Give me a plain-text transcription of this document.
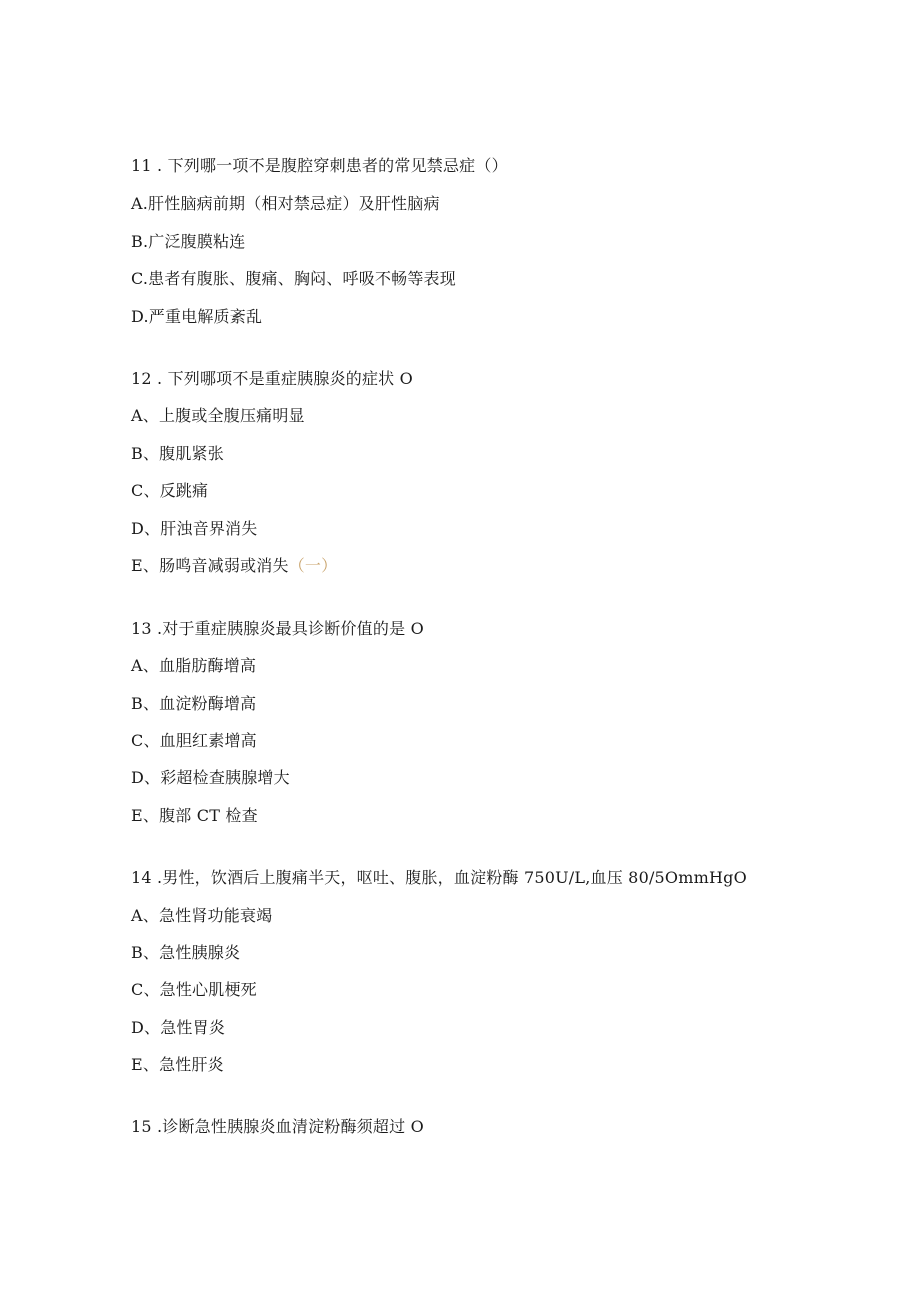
11 . 下列哪一项不是腹腔穿刺患者的常见禁忌症（）
A.肝性脑病前期（相对禁忌症）及肝性脑病
B.广泛腹膜粘连
C.患者有腹胀、腹痛、胸闷、呼吸不畅等表现
D.严重电解质紊乱
12 . 下列哪项不是重症胰腺炎的症状 O
A、上腹或全腹压痛明显
B、腹肌紧张
C、反跳痛
D、肝浊音界消失
E、肠鸣音减弱或消失（一）
13 .对于重症胰腺炎最具诊断价值的是 O
A、血脂肪酶增高
B、血淀粉酶增高
C、血胆红素增高
D、彩超检查胰腺增大
E、腹部 CT 检查
14 .男性，饮酒后上腹痛半天，呕吐、腹胀，血淀粉酶 750U/L,血压 80/5OmmHgO
A、急性肾功能衰竭
B、急性胰腺炎
C、急性心肌梗死
D、急性胃炎
E、急性肝炎
15 .诊断急性胰腺炎血清淀粉酶须超过 O
